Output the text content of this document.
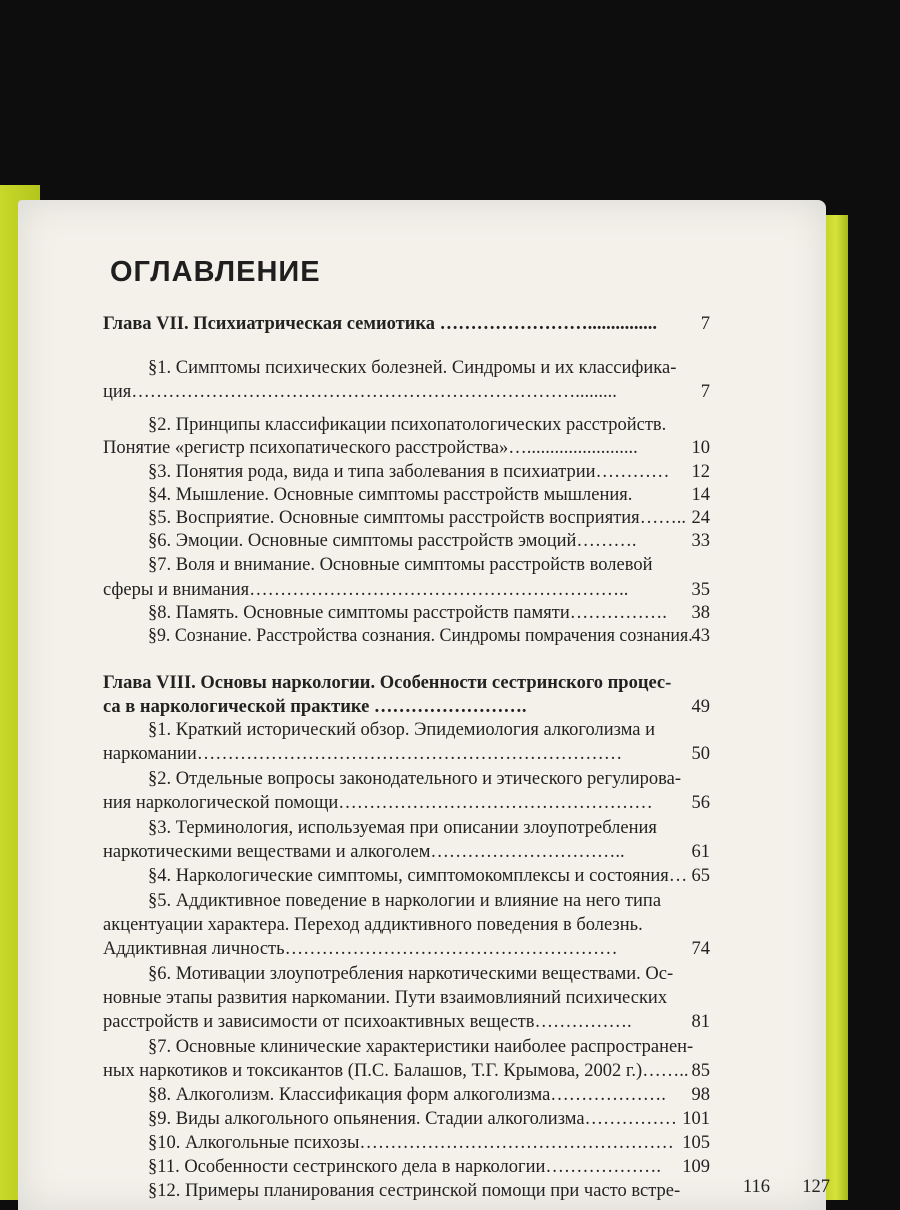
ОГЛАВЛЕНИЕ
Глава VII. Психиатрическая семиотика ……………………...............
§1. Симптомы психических болезней. Синдромы и их классифика-
ция……………………………………………………………….........
§2. Принципы классификации психопатологических расстройств.
Понятие «регистр психопатического расстройства»…........................
§3. Понятия рода, вида и типа заболевания в психиатрии…………
§4. Мышление. Основные симптомы расстройств мышления.
§5. Восприятие. Основные симптомы расстройств восприятия……..
§6. Эмоции. Основные симптомы расстройств эмоций……….
§7. Воля и внимание. Основные симптомы расстройств волевой
сферы и внимания……………………………………………………..
§8. Память. Основные симптомы расстройств памяти…………….
§9. Сознание. Расстройства сознания. Синдромы помрачения сознания.
Глава VIII. Основы наркологии. Особенности сестринского процес-
са в наркологической практике …………………….
§1. Краткий исторический обзор. Эпидемиология алкоголизма и
наркомании……………………………………………………………
§2. Отдельные вопросы законодательного и этического регулирова-
ния наркологической помощи……………………………………………
§3. Терминология, используемая при описании злоупотребления
наркотическими веществами и алкоголем…………………………..
§4. Наркологические симптомы, симптомокомплексы и состояния…
§5. Аддиктивное поведение в наркологии и влияние на него типа
акцентуации характера. Переход аддиктивного поведения в болезнь.
Аддиктивная личность………………………………………………
§6. Мотивации злоупотребления наркотическими веществами. Ос-
новные этапы развития наркомании. Пути взаимовлияний психических
расстройств и зависимости от психоактивных веществ…………….
§7. Основные клинические характеристики наиболее распространен-
ных наркотиков и токсикантов (П.С. Балашов, Т.Г. Крымова, 2002 г.)……..
§8. Алкоголизм. Классификация форм алкоголизма……………….
§9. Виды алкогольного опьянения. Стадии алкоголизма……………
§10. Алкогольные психозы……………………………………………
§11. Особенности сестринского дела в наркологии……………….
§12. Примеры планирования сестринской помощи при часто встре-
7
7
10
12
14
24
33
35
38
43
49
50
56
61
65
74
81
85
98
101
105
109
116	127
